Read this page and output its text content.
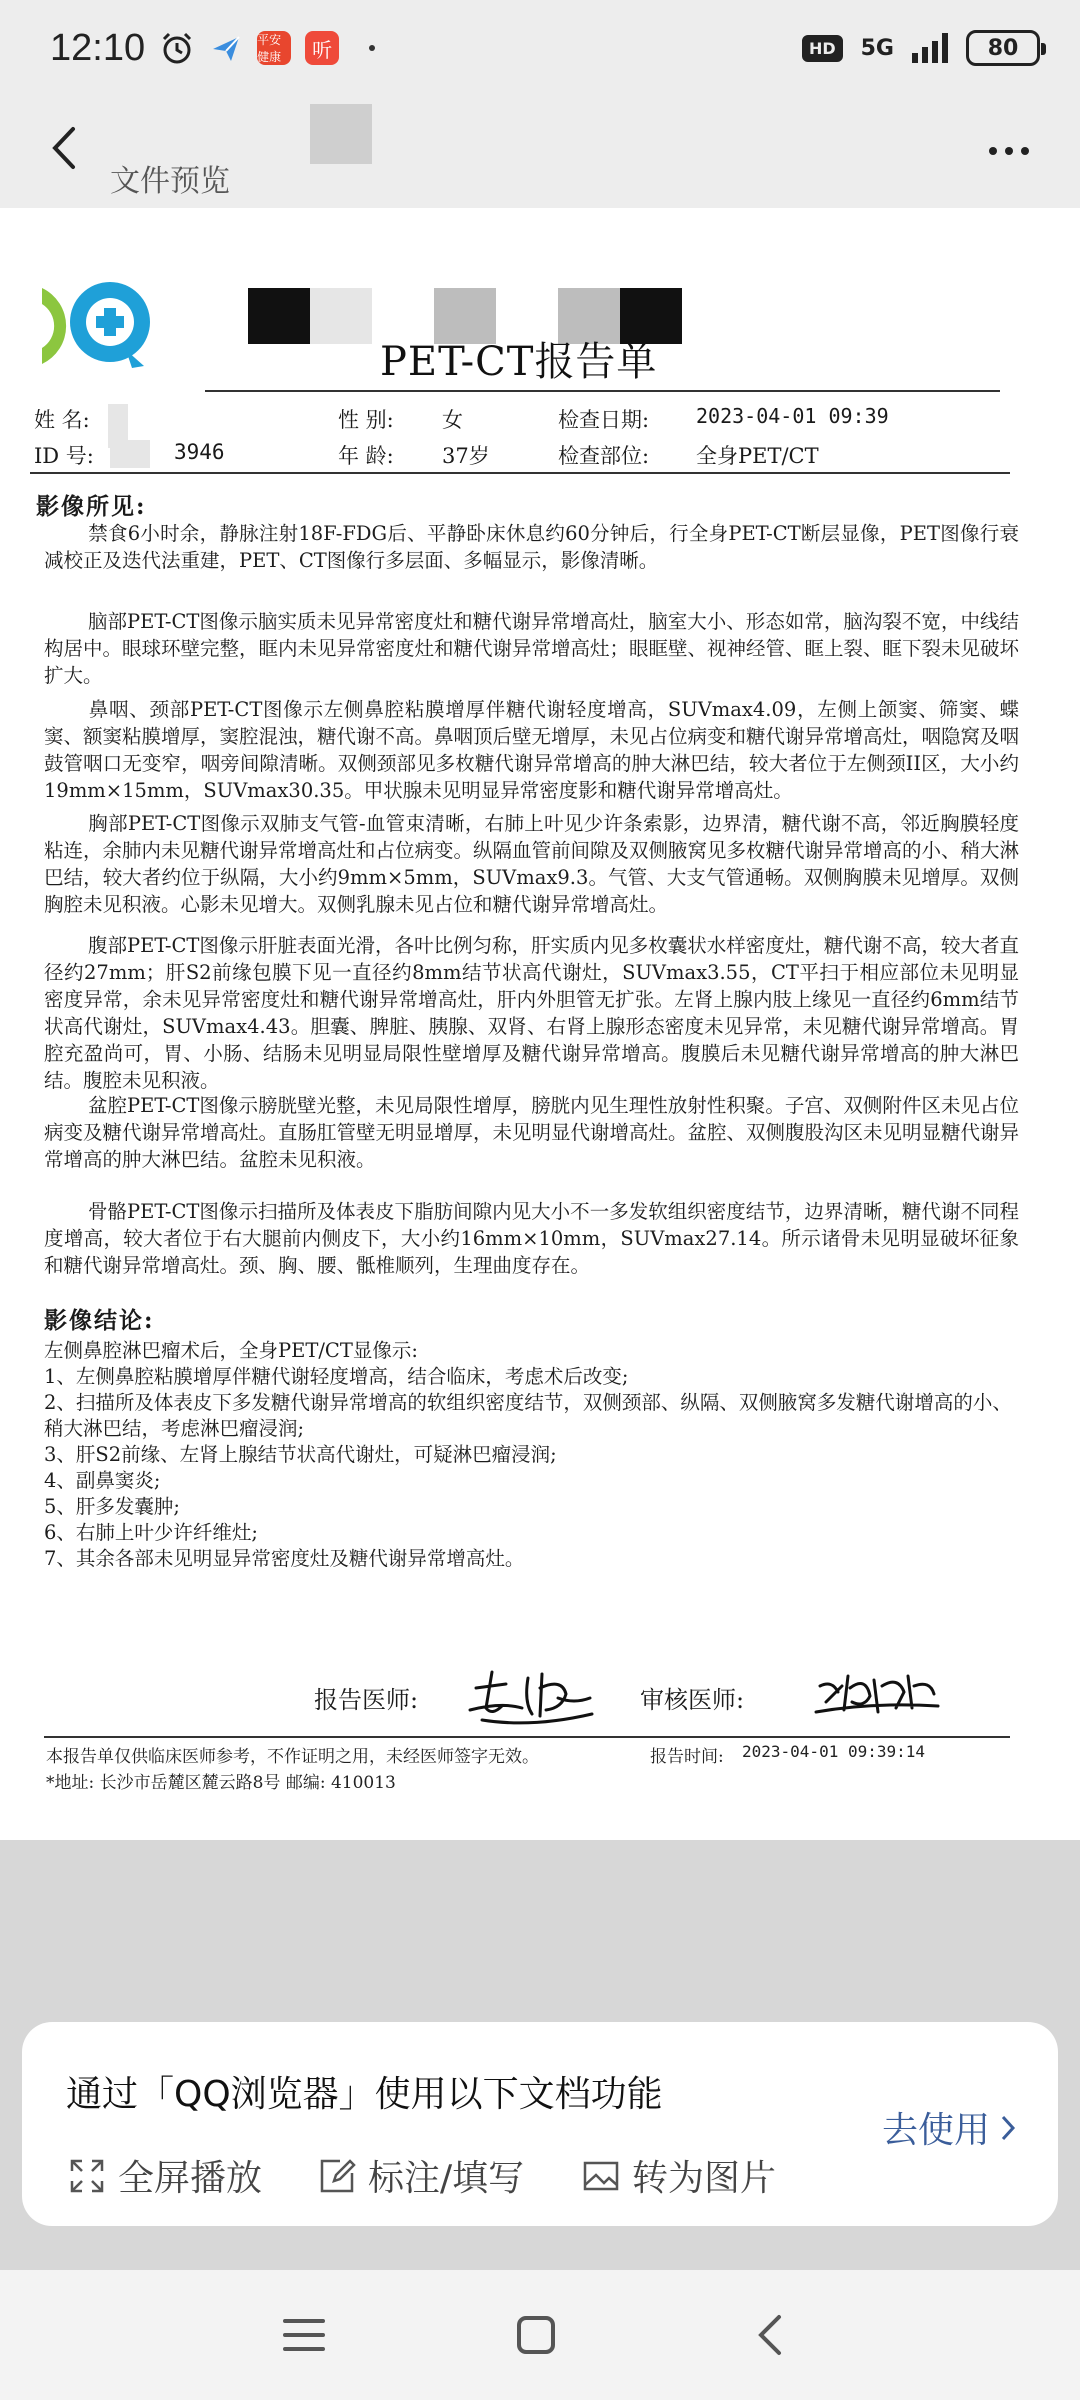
12:10	平安健康	听	HD	5G	80
文件预览
PET-CT报告单
姓 名:	性 别: 女	检查日期: 2023-04-01 09:39
ID 号:	3946	年 龄: 37岁	检查部位: 全身PET/CT
影像所见:
禁食6小时余，静脉注射18F-FDG后、平静卧床休息约60分钟后，行全身PET-CT断层显像，PET图像行衰减校正及迭代法重建，PET、CT图像行多层面、多幅显示，影像清晰。
脑部PET-CT图像示脑实质未见异常密度灶和糖代谢异常增高灶，脑室大小、形态如常，脑沟裂不宽，中线结构居中。眼球环壁完整，眶内未见异常密度灶和糖代谢异常增高灶；眼眶壁、视神经管、眶上裂、眶下裂未见破坏扩大。
鼻咽、颈部PET-CT图像示左侧鼻腔粘膜增厚伴糖代谢轻度增高，SUVmax4.09，左侧上颌窦、筛窦、蝶窦、额窦粘膜增厚，窦腔混浊，糖代谢不高。鼻咽顶后壁无增厚，未见占位病变和糖代谢异常增高灶，咽隐窝及咽鼓管咽口无变窄，咽旁间隙清晰。双侧颈部见多枚糖代谢异常增高的肿大淋巴结，较大者位于左侧颈II区，大小约19mm×15mm，SUVmax30.35。甲状腺未见明显异常密度影和糖代谢异常增高灶。
胸部PET-CT图像示双肺支气管-血管束清晰，右肺上叶见少许条索影，边界清，糖代谢不高，邻近胸膜轻度粘连，余肺内未见糖代谢异常增高灶和占位病变。纵隔血管前间隙及双侧腋窝见多枚糖代谢异常增高的小、稍大淋巴结，较大者约位于纵隔，大小约9mm×5mm，SUVmax9.3。气管、大支气管通畅。双侧胸膜未见增厚。双侧胸腔未见积液。心影未见增大。双侧乳腺未见占位和糖代谢异常增高灶。
腹部PET-CT图像示肝脏表面光滑，各叶比例匀称，肝实质内见多枚囊状水样密度灶，糖代谢不高，较大者直径约27mm；肝S2前缘包膜下见一直径约8mm结节状高代谢灶，SUVmax3.55，CT平扫于相应部位未见明显密度异常，余未见异常密度灶和糖代谢异常增高灶，肝内外胆管无扩张。左肾上腺内肢上缘见一直径约6mm结节状高代谢灶，SUVmax4.43。胆囊、脾脏、胰腺、双肾、右肾上腺形态密度未见异常，未见糖代谢异常增高。胃腔充盈尚可，胃、小肠、结肠未见明显局限性壁增厚及糖代谢异常增高。腹膜后未见糖代谢异常增高的肿大淋巴结。腹腔未见积液。
盆腔PET-CT图像示膀胱壁光整，未见局限性增厚，膀胱内见生理性放射性积聚。子宫、双侧附件区未见占位病变及糖代谢异常增高灶。直肠肛管壁无明显增厚，未见明显代谢增高灶。盆腔、双侧腹股沟区未见明显糖代谢异常增高的肿大淋巴结。盆腔未见积液。
骨骼PET-CT图像示扫描所及体表皮下脂肪间隙内见大小不一多发软组织密度结节，边界清晰，糖代谢不同程度增高，较大者位于右大腿前内侧皮下，大小约16mm×10mm，SUVmax27.14。所示诸骨未见明显破坏征象和糖代谢异常增高灶。颈、胸、腰、骶椎顺列，生理曲度存在。
影像结论:
左侧鼻腔淋巴瘤术后，全身PET/CT显像示:
1、左侧鼻腔粘膜增厚伴糖代谢轻度增高，结合临床，考虑术后改变;
2、扫描所及体表皮下多发糖代谢异常增高的软组织密度结节，双侧颈部、纵隔、双侧腋窝多发糖代谢增高的小、稍大淋巴结，考虑淋巴瘤浸润;
3、肝S2前缘、左肾上腺结节状高代谢灶，可疑淋巴瘤浸润;
4、副鼻窦炎;
5、肝多发囊肿;
6、右肺上叶少许纤维灶;
7、其余各部未见明显异常密度灶及糖代谢异常增高灶。
报告医师:	审核医师:
本报告单仅供临床医师参考，不作证明之用，未经医师签字无效。	报告时间: 2023-04-01 09:39:14
*地址: 长沙市岳麓区麓云路8号 邮编: 410013
通过「QQ浏览器」使用以下文档功能
全屏播放	标注/填写	转为图片
去使用
